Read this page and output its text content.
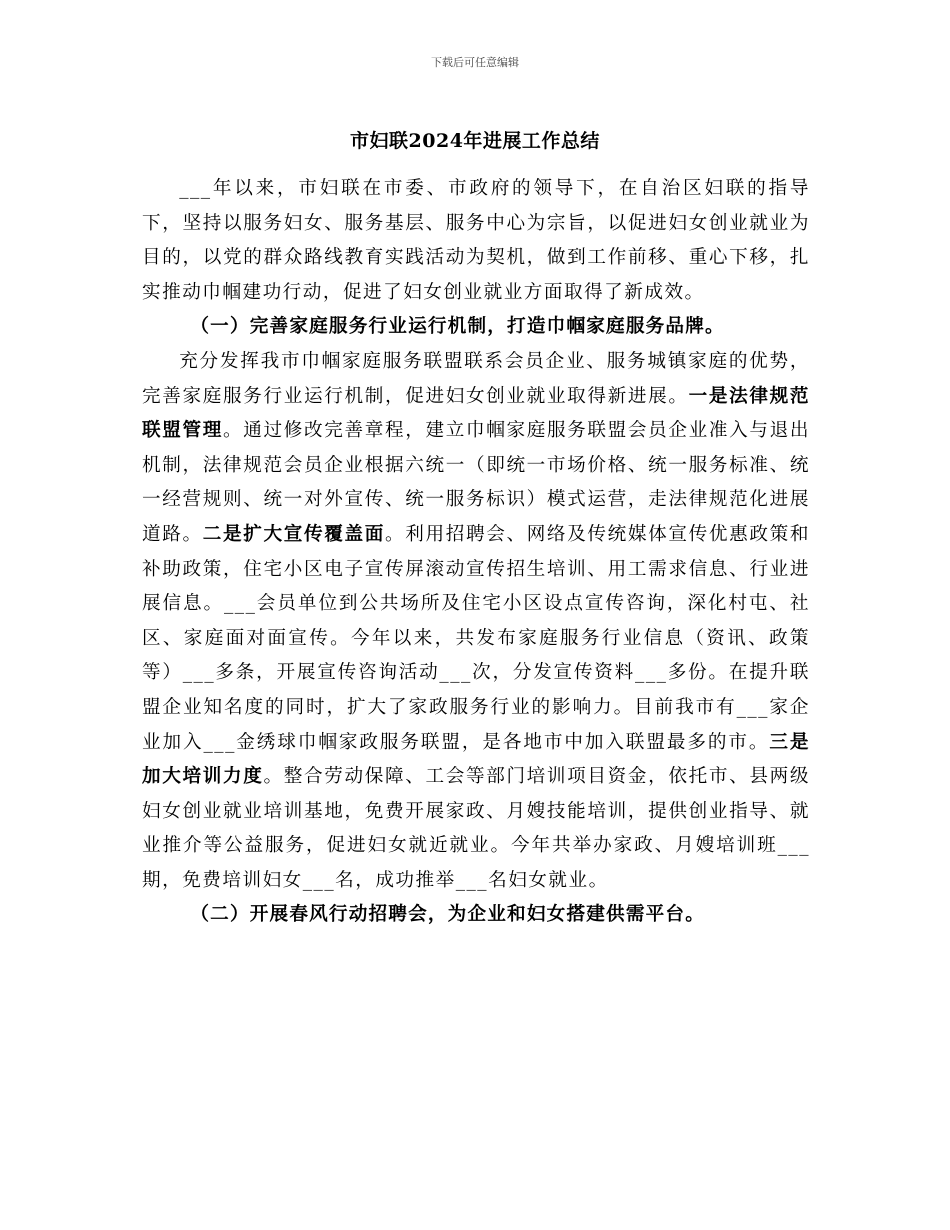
下载后可任意编辑
市妇联2024年进展工作总结

___年以来，市妇联在市委、市政府的领导下，在自治区妇联的指导下，坚持以服务妇女、服务基层、服务中心为宗旨，以促进妇女创业就业为目的，以党的群众路线教育实践活动为契机，做到工作前移、重心下移，扎实推动巾帼建功行动，促进了妇女创业就业方面取得了新成效。

（一）完善家庭服务行业运行机制，打造巾帼家庭服务品牌。

充分发挥我市巾帼家庭服务联盟联系会员企业、服务城镇家庭的优势，完善家庭服务行业运行机制，促进妇女创业就业取得新进展。一是法律规范联盟管理。通过修改完善章程，建立巾帼家庭服务联盟会员企业准入与退出机制，法律规范会员企业根据六统一（即统一市场价格、统一服务标准、统一经营规则、统一对外宣传、统一服务标识）模式运营，走法律规范化进展道路。二是扩大宣传覆盖面。利用招聘会、网络及传统媒体宣传优惠政策和补助政策，住宅小区电子宣传屏滚动宣传招生培训、用工需求信息、行业进展信息。___会员单位到公共场所及住宅小区设点宣传咨询，深化村屯、社区、家庭面对面宣传。今年以来，共发布家庭服务行业信息（资讯、政策等）___多条，开展宣传咨询活动___次，分发宣传资料___多份。在提升联盟企业知名度的同时，扩大了家政服务行业的影响力。目前我市有___家企业加入___金绣球巾帼家政服务联盟，是各地市中加入联盟最多的市。三是加大培训力度。整合劳动保障、工会等部门培训项目资金，依托市、县两级妇女创业就业培训基地，免费开展家政、月嫂技能培训，提供创业指导、就业推介等公益服务，促进妇女就近就业。今年共举办家政、月嫂培训班___期，免费培训妇女___名，成功推举___名妇女就业。

（二）开展春风行动招聘会，为企业和妇女搭建供需平台。
